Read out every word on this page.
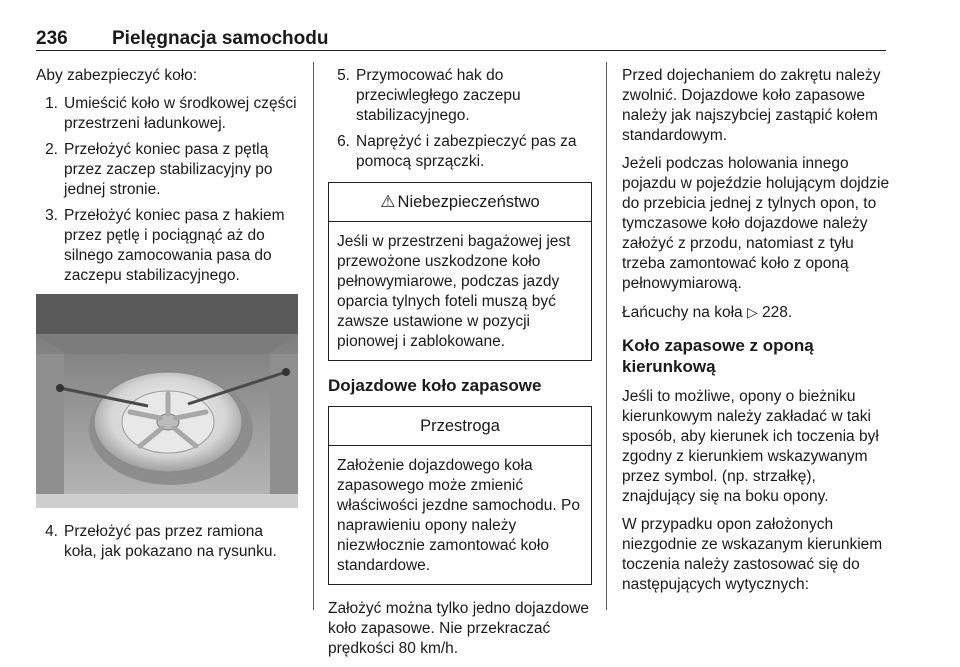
236 Pielęgnacja samochodu

Aby zabezpieczyć koło:

1. Umieścić koło w środkowej części przestrzeni ładunkowej.
2. Przełożyć koniec pasa z pętlą przez zaczep stabilizacyjny po jednej stronie.
3. Przełożyć koniec pasa z hakiem przez pętlę i pociągnąć aż do silnego zamocowania pasa do zaczepu stabilizacyjnego.
4. Przełożyć pas przez ramiona koła, jak pokazano na rysunku.
5. Przymocować hak do przeciwległego zaczepu stabilizacyjnego.
6. Naprężyć i zabezpieczyć pas za pomocą sprzączki.
⚠ Niebezpieczeństwo
Jeśli w przestrzeni bagażowej jest przewożone uszkodzone koło pełnowymiarowe, podczas jazdy oparcia tylnych foteli muszą być zawsze ustawione w pozycji pionowej i zablokowane.
Dojazdowe koło zapasowe
Przestroga
Założenie dojazdowego koła zapasowego może zmienić właściwości jezdne samochodu. Po naprawieniu opony należy niezwłocznie zamontować koło standardowe.

Założyć można tylko jedno dojazdowe koło zapasowe. Nie przekraczać prędkości 80 km/h.

Przed dojechaniem do zakrętu należy zwolnić. Dojazdowe koło zapasowe należy jak najszybciej zastąpić kołem standardowym.

Jeżeli podczas holowania innego pojazdu w pojeździe holującym dojdzie do przebicia jednej z tylnych opon, to tymczasowe koło dojazdowe należy założyć z przodu, natomiast z tyłu trzeba zamontować koło z oponą pełnowymiarową.

Łańcuchy na koła ▷ 228.

Koło zapasowe z oponą kierunkową

Jeśli to możliwe, opony o bieżniku kierunkowym należy zakładać w taki sposób, aby kierunek ich toczenia był zgodny z kierunkiem wskazywanym przez symbol. (np. strzałkę), znajdujący się na boku opony.

W przypadku opon założonych niezgodnie ze wskazanym kierunkiem toczenia należy zastosować się do następujących wytycznych:
